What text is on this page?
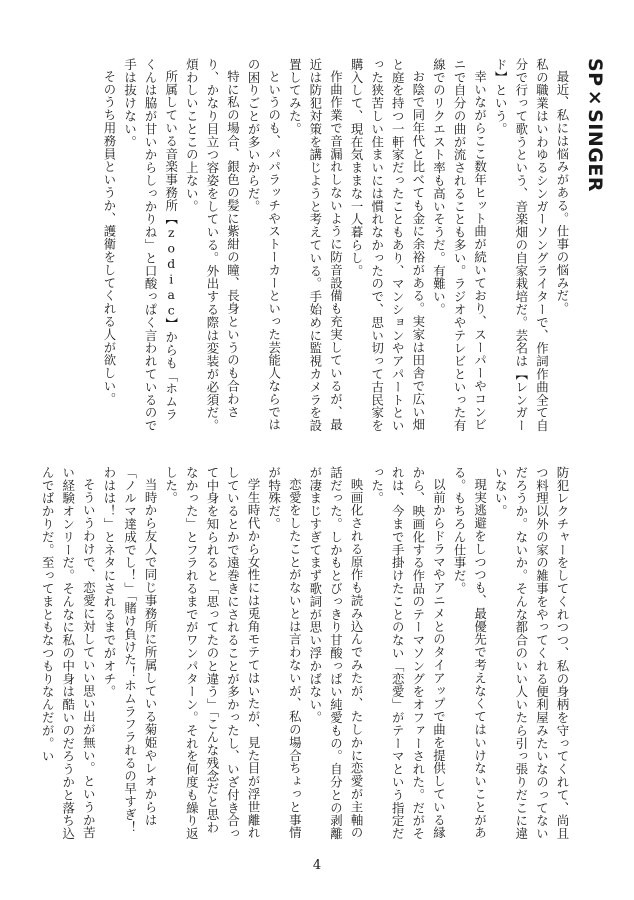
SP×SINGER

最近、私には悩みがある。仕事の悩みだ。

私の職業はいわゆるシンガーソングライターで、作詞作曲全て自分で行って歌うという、音楽畑の自家栽培だ。芸名は【レンガード】という。

幸いながらここ数年ヒット曲が続いており、スーパーやコンビニで自分の曲が流されることも多い。ラジオやテレビといった有線でのリクエスト率も高いそうだ。有難い。

お陰で同年代と比べても金に余裕がある。実家は田舎で広い畑と庭を持つ一軒家だったこともあり、マンションやアパートといった狭苦しい住まいには慣れなかったので、思い切って古民家を購入して、現在気ままな一人暮らし。

作曲作業で音漏れしないように防音設備も充実しているが、最近は防犯対策を講じようと考えている。手始めに監視カメラを設置してみた。

というのも、パパラッチやストーカーといった芸能人ならではの困りごとが多いからだ。

特に私の場合、銀色の髪に紫紺の瞳、長身というのも合わさり、かなり目立つ容姿をしている。外出する際は変装が必須だ。煩わしいことこの上ない。

所属している音楽事務所【zodiac】からも「ホムラくんは脇が甘いからしっかりね」と口酸っぱく言われているので手は抜けない。

そのうち用務員というか、護衛をしてくれる人が欲しい。

防犯レクチャーをしてくれつつ、私の身柄を守ってくれて、尚且つ料理以外の家の雑事をやってくれる便利屋みたいなのってないだろうか。ないか。そんな都合のいい人いたら引っ張りだこに違いない。

現実逃避をしつつも、最優先で考えなくてはいけないことがある。もちろん仕事だ。

以前からドラマやアニメとのタイアップで曲を提供している縁から、映画化する作品のテーマソングをオファーされた。だがそれは、今まで手掛けたことのない「恋愛」がテーマという指定だった。

映画化される原作も読み込んでみたが、たしかに恋愛が主軸の話だった。しかもとびっきり甘酸っぱい純愛もの。自分との剥離が凄まじすぎてまず歌詞が思い浮かばない。

恋愛をしたことがないとは言わないが、私の場合ちょっと事情が特殊だ。

学生時代から女性には兎角モテてはいたが、見た目が浮世離れしているとかで遠巻きにされることが多かったし、いざ付き合って中身を知られると「思ってたのと違う」「こんな残念だと思わなかった」とフラれるまでがワンパターン。それを何度も繰り返した。

当時から友人で同じ事務所に所属している菊姫やレオからは「ノルマ達成でし！」「賭け負けた！ホムラフラれるの早すぎ！わはは！」とネタにされるまでがオチ。

そういうわけで、恋愛に対していい思い出が無い。というか苦い経験オンリーだ。そんなに私の中身は酷いのだろうかと落ち込んでばかりだ。至ってまともなつもりなんだが。い

4
